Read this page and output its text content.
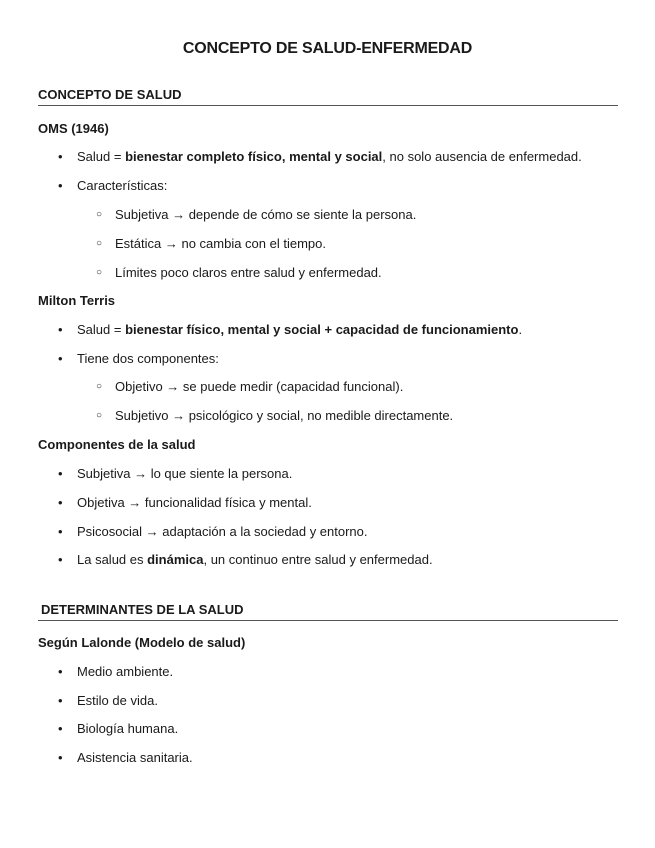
CONCEPTO DE SALUD-ENFERMEDAD
CONCEPTO DE SALUD
OMS (1946)
• Salud = bienestar completo físico, mental y social, no solo ausencia de enfermedad.
• Características:
○ Subjetiva → depende de cómo se siente la persona.
○ Estática → no cambia con el tiempo.
○ Límites poco claros entre salud y enfermedad.
Milton Terris
• Salud = bienestar físico, mental y social + capacidad de funcionamiento.
• Tiene dos componentes:
○ Objetivo → se puede medir (capacidad funcional).
○ Subjetivo → psicológico y social, no medible directamente.
Componentes de la salud
• Subjetiva → lo que siente la persona.
• Objetiva → funcionalidad física y mental.
• Psicosocial → adaptación a la sociedad y entorno.
• La salud es dinámica, un continuo entre salud y enfermedad.
DETERMINANTES DE LA SALUD
Según Lalonde (Modelo de salud)
• Medio ambiente.
• Estilo de vida.
• Biología humana.
• Asistencia sanitaria.
